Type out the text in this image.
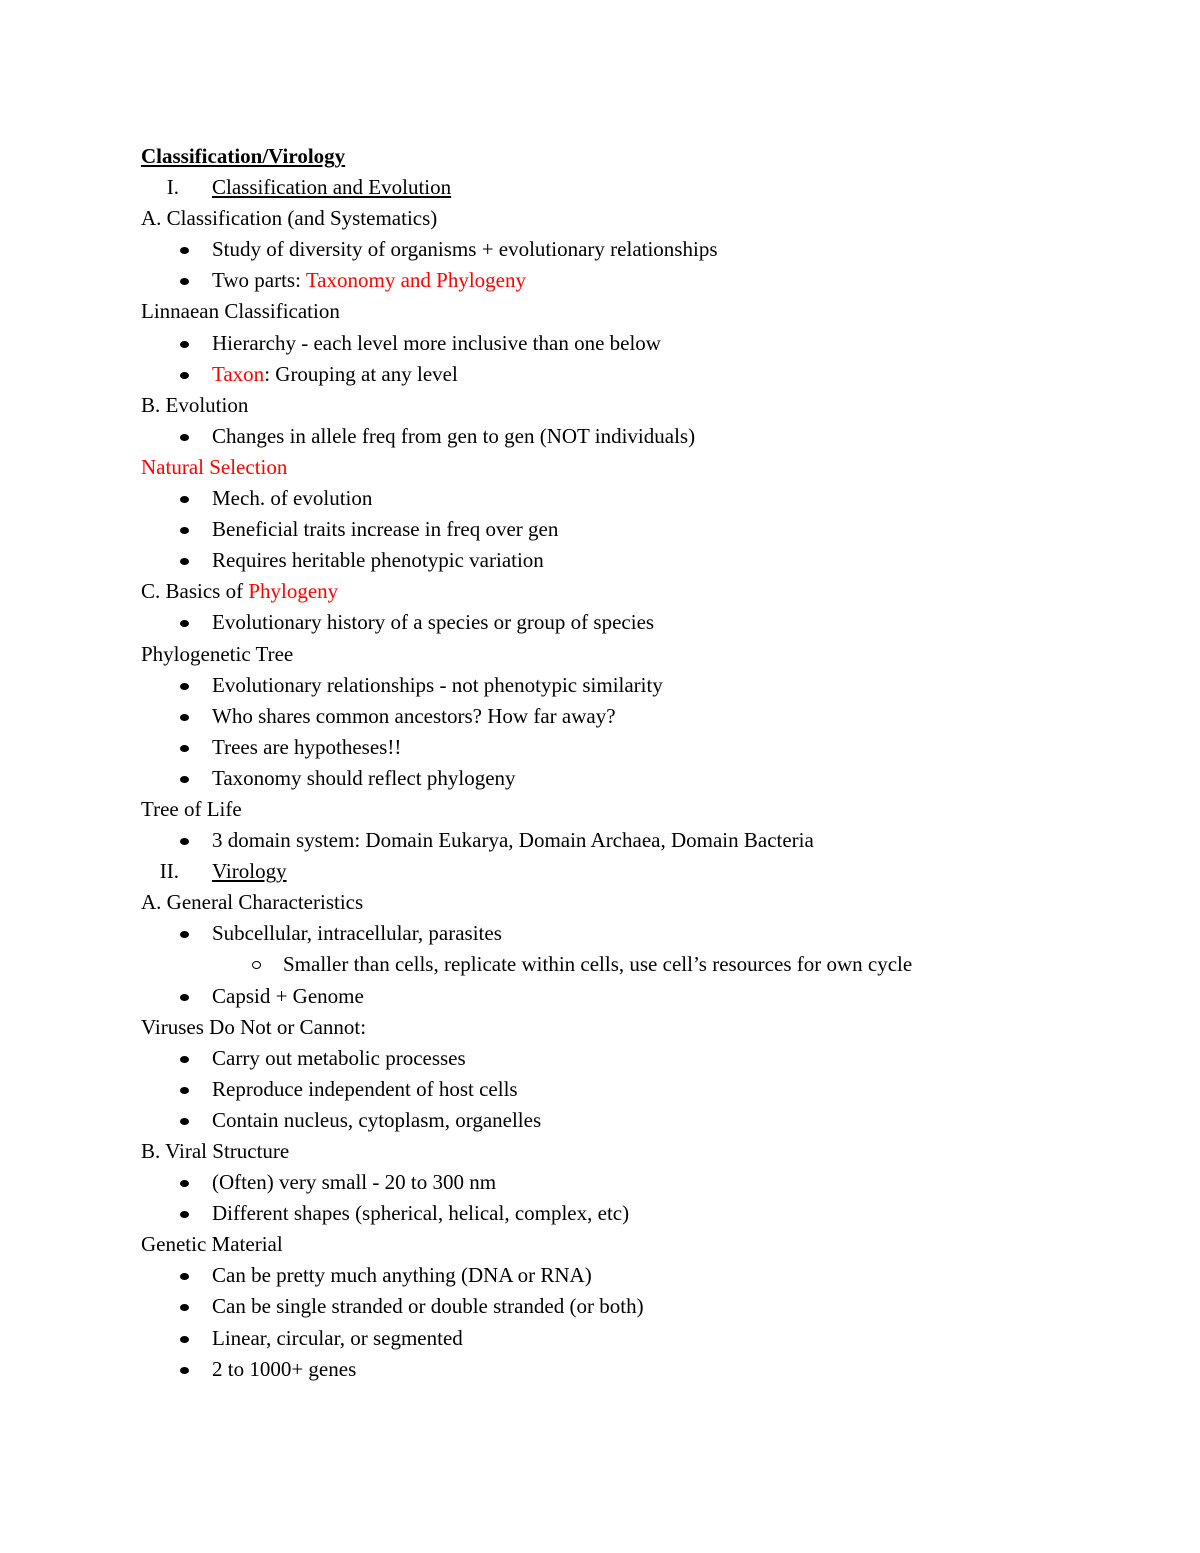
Classification/Virology
I. Classification and Evolution
A. Classification (and Systematics)
Study of diversity of organisms + evolutionary relationships
Two parts: Taxonomy and Phylogeny
Linnaean Classification
Hierarchy - each level more inclusive than one below
Taxon: Grouping at any level
B. Evolution
Changes in allele freq from gen to gen (NOT individuals)
Natural Selection
Mech. of evolution
Beneficial traits increase in freq over gen
Requires heritable phenotypic variation
C. Basics of Phylogeny
Evolutionary history of a species or group of species
Phylogenetic Tree
Evolutionary relationships - not phenotypic similarity
Who shares common ancestors? How far away?
Trees are hypotheses!!
Taxonomy should reflect phylogeny
Tree of Life
3 domain system: Domain Eukarya, Domain Archaea, Domain Bacteria
II. Virology
A. General Characteristics
Subcellular, intracellular, parasites
Smaller than cells, replicate within cells, use cell’s resources for own cycle
Capsid + Genome
Viruses Do Not or Cannot:
Carry out metabolic processes
Reproduce independent of host cells
Contain nucleus, cytoplasm, organelles
B. Viral Structure
(Often) very small - 20 to 300 nm
Different shapes (spherical, helical, complex, etc)
Genetic Material
Can be pretty much anything (DNA or RNA)
Can be single stranded or double stranded (or both)
Linear, circular, or segmented
2 to 1000+ genes
